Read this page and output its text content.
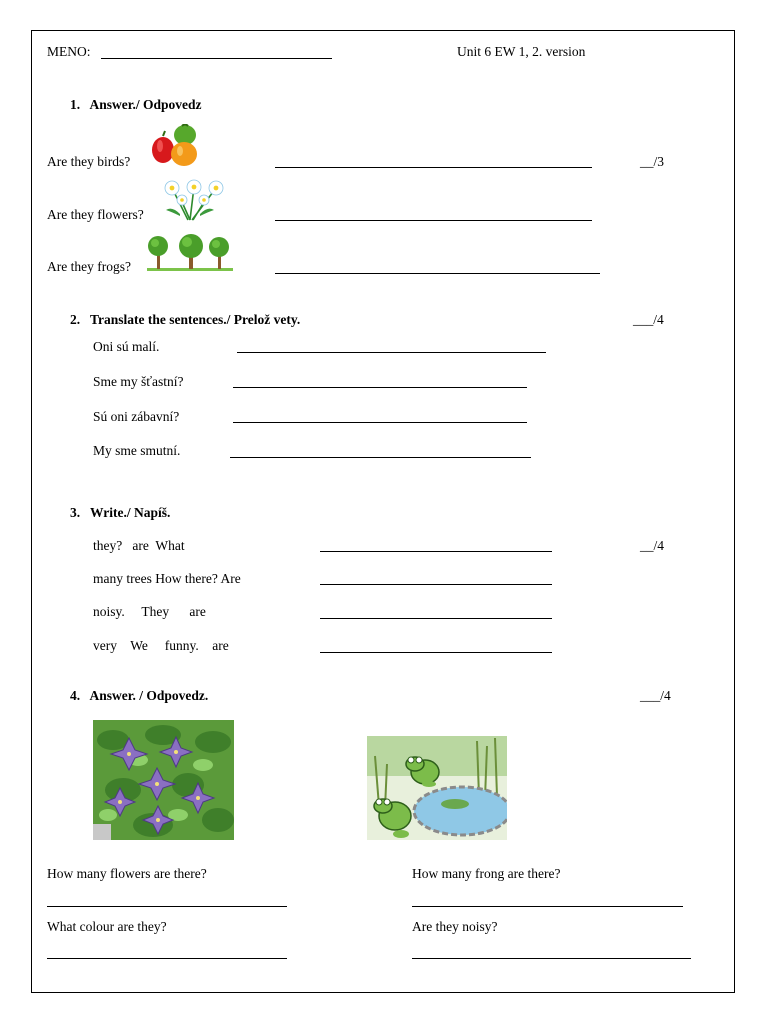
MENO:	Unit 6 EW 1, 2. version
1.   Answer./ Odpovedz
Are they birds?	__/3
Are they flowers?
Are they frogs?
2.   Translate the sentences./ Prelož vety.	___/4
Oni sú malí.
Sme my šťastní?
Sú oni zábavní?
My sme smutní.
3.   Write./ Napíš.
they?   are  What	__/4
many trees How there? Are
noisy.     They      are
very    We     funny.    are
4.   Answer. / Odpovedz.	___/4
How many flowers are there?	How many frong are there?
What colour are they?	Are they noisy?
